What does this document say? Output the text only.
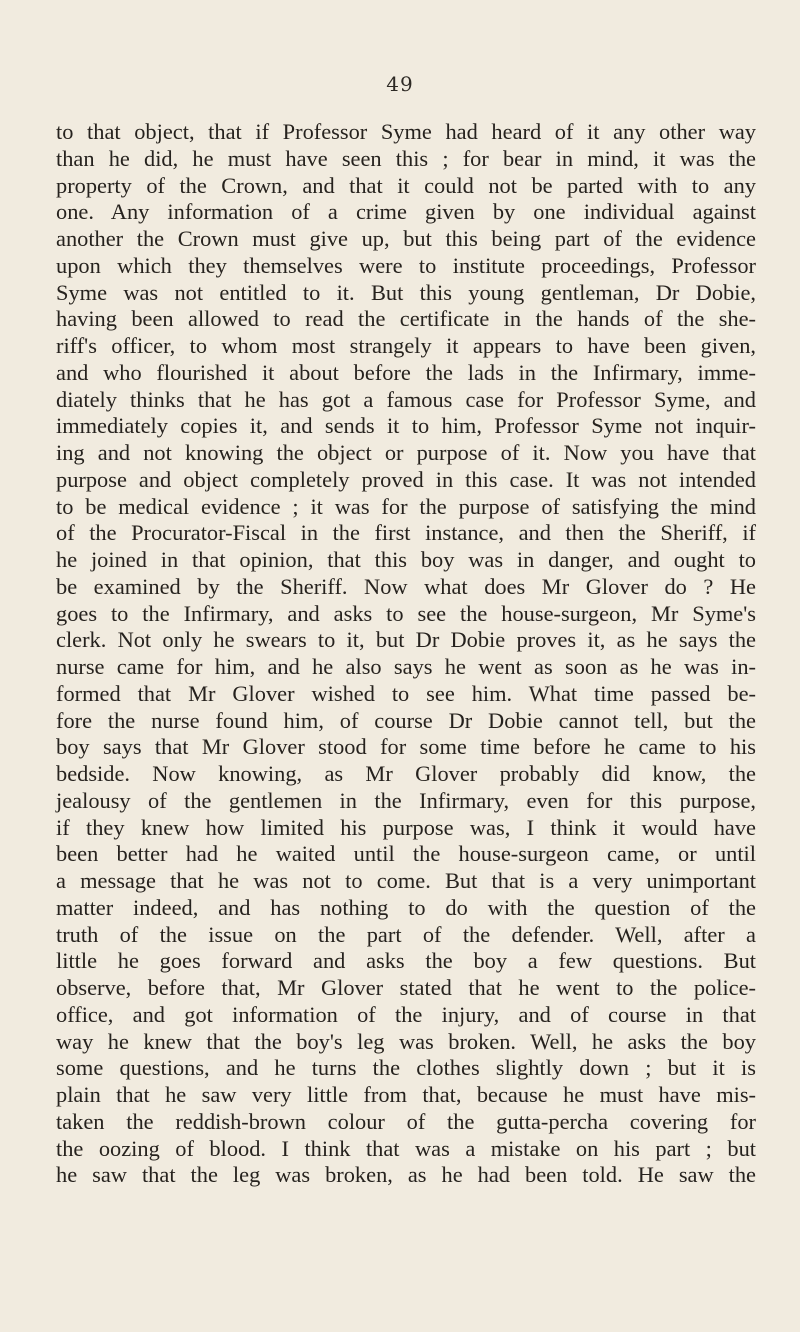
49
to that object, that if Professor Syme had heard of it any other way
than he did, he must have seen this ; for bear in mind, it was the
property of the Crown, and that it could not be parted with to any
one. Any information of a crime given by one individual against
another the Crown must give up, but this being part of the evidence
upon which they themselves were to institute proceedings, Professor
Syme was not entitled to it. But this young gentleman, Dr Dobie,
having been allowed to read the certificate in the hands of the she-
riff's officer, to whom most strangely it appears to have been given,
and who flourished it about before the lads in the Infirmary, imme-
diately thinks that he has got a famous case for Professor Syme, and
immediately copies it, and sends it to him, Professor Syme not inquir-
ing and not knowing the object or purpose of it. Now you have that
purpose and object completely proved in this case. It was not intended
to be medical evidence ; it was for the purpose of satisfying the mind
of the Procurator-Fiscal in the first instance, and then the Sheriff, if
he joined in that opinion, that this boy was in danger, and ought to
be examined by the Sheriff. Now what does Mr Glover do ? He
goes to the Infirmary, and asks to see the house-surgeon, Mr Syme's
clerk. Not only he swears to it, but Dr Dobie proves it, as he says the
nurse came for him, and he also says he went as soon as he was in-
formed that Mr Glover wished to see him. What time passed be-
fore the nurse found him, of course Dr Dobie cannot tell, but the
boy says that Mr Glover stood for some time before he came to his
bedside. Now knowing, as Mr Glover probably did know, the
jealousy of the gentlemen in the Infirmary, even for this purpose,
if they knew how limited his purpose was, I think it would have
been better had he waited until the house-surgeon came, or until
a message that he was not to come. But that is a very unimportant
matter indeed, and has nothing to do with the question of the
truth of the issue on the part of the defender. Well, after a
little he goes forward and asks the boy a few questions. But
observe, before that, Mr Glover stated that he went to the police-
office, and got information of the injury, and of course in that
way he knew that the boy's leg was broken. Well, he asks the boy
some questions, and he turns the clothes slightly down ; but it is
plain that he saw very little from that, because he must have mis-
taken the reddish-brown colour of the gutta-percha covering for
the oozing of blood. I think that was a mistake on his part ; but
he saw that the leg was broken, as he had been told. He saw the
